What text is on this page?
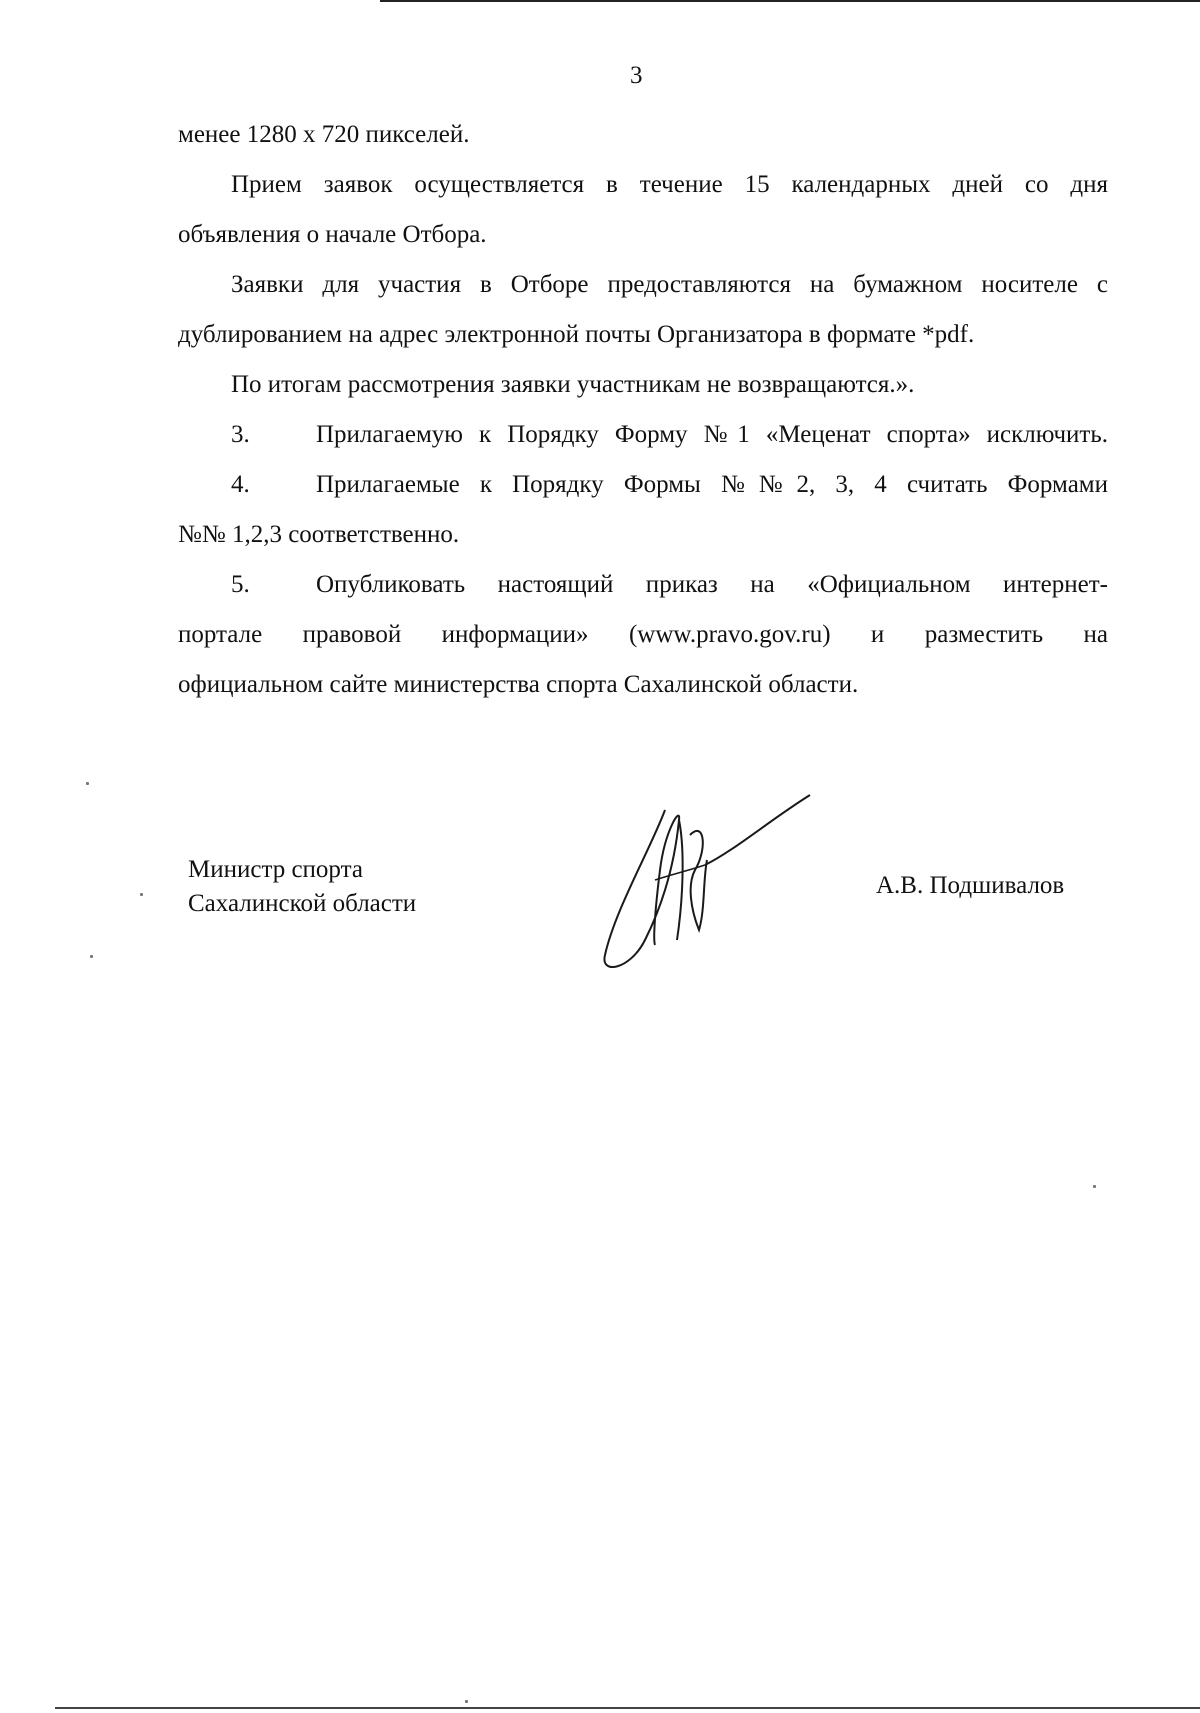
3
менее 1280 х 720 пикселей.
Прием заявок осуществляется в течение 15 календарных дней со дня
объявления о начале Отбора.
Заявки для участия в Отборе предоставляются на бумажном носителе с
дублированием на адрес электронной почты Организатора в формате *pdf.
По итогам рассмотрения заявки участникам не возвращаются.».
3.	Прилагаемую к Порядку Форму №1 «Меценат спорта» исключить.
4.	Прилагаемые к Порядку Формы №№2, 3, 4 считать Формами
№№ 1,2,3 соответственно.
5.	Опубликовать настоящий приказ на «Официальном интернет-
портале правовой информации» (www.pravo.gov.ru) и разместить на
официальном сайте министерства спорта Сахалинской области.
Министр спорта
Сахалинской области
А.В. Подшивалов
